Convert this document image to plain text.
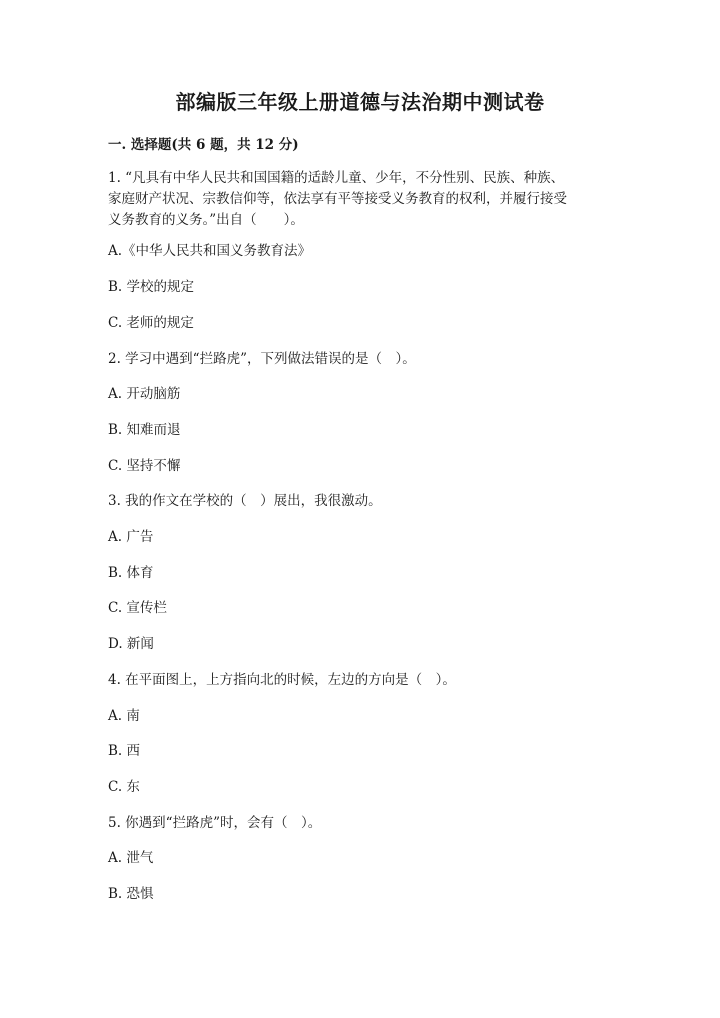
部编版三年级上册道德与法治期中测试卷
一. 选择题(共 6 题，共 12 分)
1. “凡具有中华人民共和国国籍的适龄儿童、少年，不分性别、民族、种族、
家庭财产状况、宗教信仰等，依法享有平等接受义务教育的权利，并履行接受
义务教育的义务。”出自（　　）。
A.《中华人民共和国义务教育法》
B. 学校的规定
C. 老师的规定
2. 学习中遇到“拦路虎”，下列做法错误的是（　）。
A. 开动脑筋
B. 知难而退
C. 坚持不懈
3. 我的作文在学校的（　）展出，我很激动。
A. 广告
B. 体育
C. 宣传栏
D. 新闻
4. 在平面图上，上方指向北的时候，左边的方向是（　）。
A. 南
B. 西
C. 东
5. 你遇到“拦路虎”时，会有（　）。
A. 泄气
B. 恐惧
